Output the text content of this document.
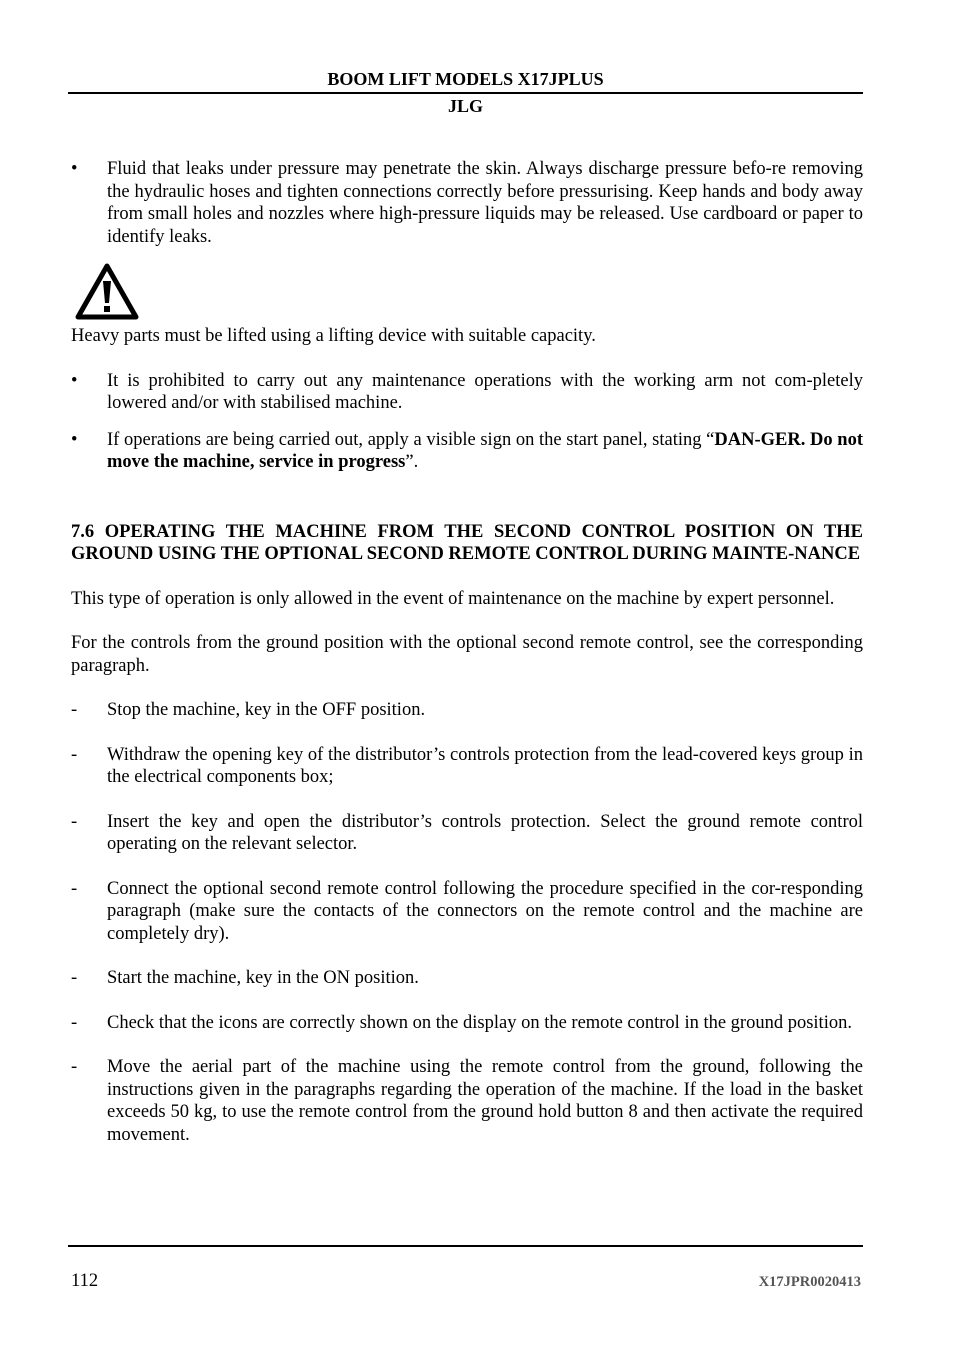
BOOM LIFT MODELS X17JPLUS
JLG
•	Fluid that leaks under pressure may penetrate the skin. Always discharge pressure befo-re removing the hydraulic hoses and tighten connections correctly before pressurising. Keep hands and body away from small holes and nozzles where high-pressure liquids may be released. Use cardboard or paper to identify leaks.

Heavy parts must be lifted using a lifting device with suitable capacity.

•	It is prohibited to carry out any maintenance operations with the working arm not com-pletely lowered and/or with stabilised machine.
•	If operations are being carried out, apply a visible sign on the start panel, stating “DAN-GER. Do not move the machine, service in progress”.

7.6 OPERATING THE MACHINE FROM THE SECOND CONTROL POSITION ON THE GROUND USING THE OPTIONAL SECOND REMOTE CONTROL DURING MAINTE-NANCE

This type of operation is only allowed in the event of maintenance on the machine by expert personnel.

For the controls from the ground position with the optional second remote control, see the corresponding paragraph.

-	Stop the machine, key in the OFF position.
-	Withdraw the opening key of the distributor’s controls protection from the lead-covered keys group in the electrical components box;
-	Insert the key and open the distributor’s controls protection. Select the ground remote control operating on the relevant selector.
-	Connect the optional second remote control following the procedure specified in the cor-responding paragraph (make sure the contacts of the connectors on the remote control and the machine are completely dry).
-	Start the machine, key in the ON position.
-	Check that the icons are correctly shown on the display on the remote control in the ground position.
-	Move the aerial part of the machine using the remote control from the ground, following the instructions given in the paragraphs regarding the operation of the machine. If the load in the basket exceeds 50 kg, to use the remote control from the ground hold button 8 and then activate the required movement.
112	X17JPR0020413
